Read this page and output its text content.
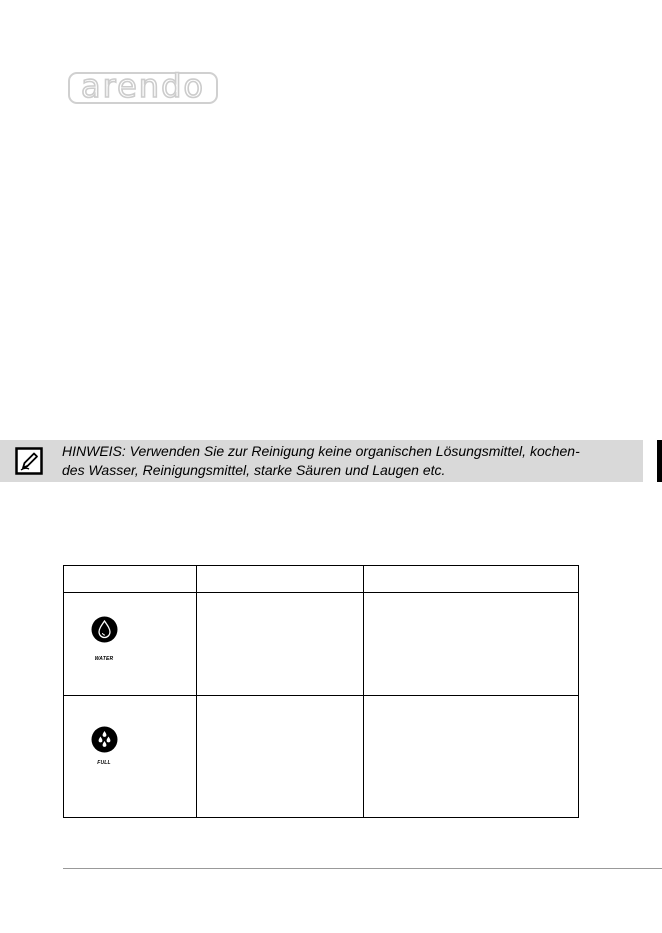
arendo
HINWEIS: Verwenden Sie zur Reinigung keine organischen Lösungsmittel, kochen-
des Wasser, Reinigungsmittel, starke Säuren und Laugen etc.

WATER		

FULL		
